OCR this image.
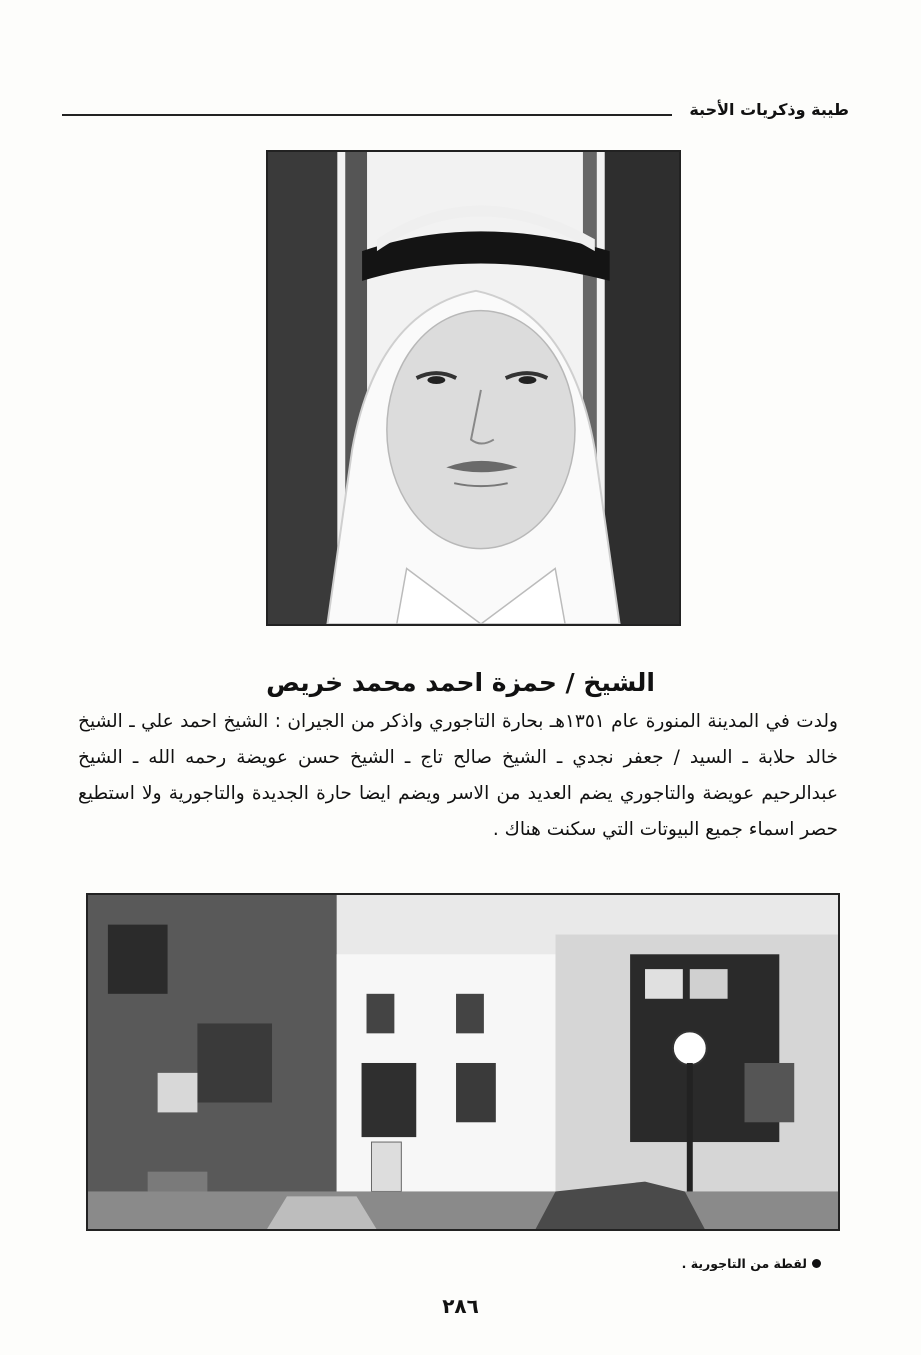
طيبة وذكريات الأحبة
الشيخ / حمزة احمد محمد خريص
ولدت في المدينة المنورة عام ١٣٥١هـ بحارة التاجوري واذكر من الجيران : الشيخ احمد علي ـ الشيخ خالد حلابة ـ السيد / جعفر نجدي ـ الشيخ صالح تاج ـ الشيخ حسن عويضة رحمه الله ـ الشيخ عبدالرحيم عويضة والتاجوري يضم العديد من الاسر ويضم ايضا حارة الجديدة والتاجورية ولا استطيع حصر اسماء جميع البيوتات التي سكنت هناك .
لقطة من التاجورية .
٢٨٦
